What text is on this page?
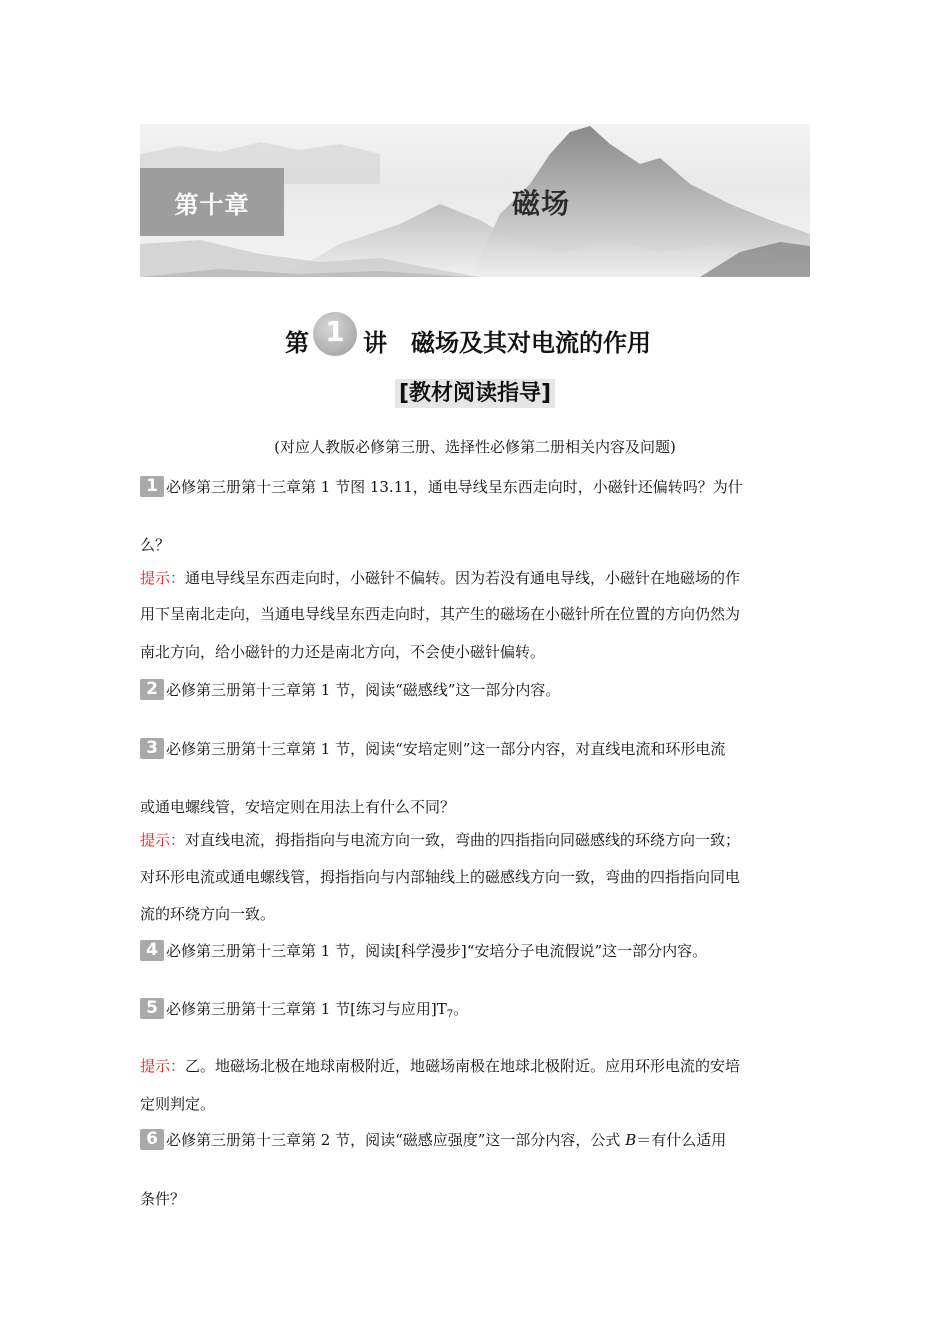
第十章	磁场
第 1 讲 磁场及其对电流的作用
[教材阅读指导]
(对应人教版必修第三册、选择性必修第二册相关内容及问题)
1 必修第三册第十三章第 1 节图 13.11，通电导线呈东西走向时，小磁针还偏转吗？为什
么？
提示：通电导线呈东西走向时，小磁针不偏转。因为若没有通电导线，小磁针在地磁场的作
用下呈南北走向，当通电导线呈东西走向时，其产生的磁场在小磁针所在位置的方向仍然为
南北方向，给小磁针的力还是南北方向，不会使小磁针偏转。
2 必修第三册第十三章第 1 节，阅读“磁感线”这一部分内容。
3 必修第三册第十三章第 1 节，阅读“安培定则”这一部分内容，对直线电流和环形电流
或通电螺线管，安培定则在用法上有什么不同？
提示：对直线电流，拇指指向与电流方向一致，弯曲的四指指向同磁感线的环绕方向一致；
对环形电流或通电螺线管，拇指指向与内部轴线上的磁感线方向一致，弯曲的四指指向同电
流的环绕方向一致。
4 必修第三册第十三章第 1 节，阅读[科学漫步]“安培分子电流假说”这一部分内容。
5 必修第三册第十三章第 1 节[练习与应用]$T_7$。
提示：乙。地磁场北极在地球南极附近，地磁场南极在地球北极附近。应用环形电流的安培
定则判定。
6 必修第三册第十三章第 2 节，阅读“磁感应强度”这一部分内容，公式 B＝有什么适用
条件？
